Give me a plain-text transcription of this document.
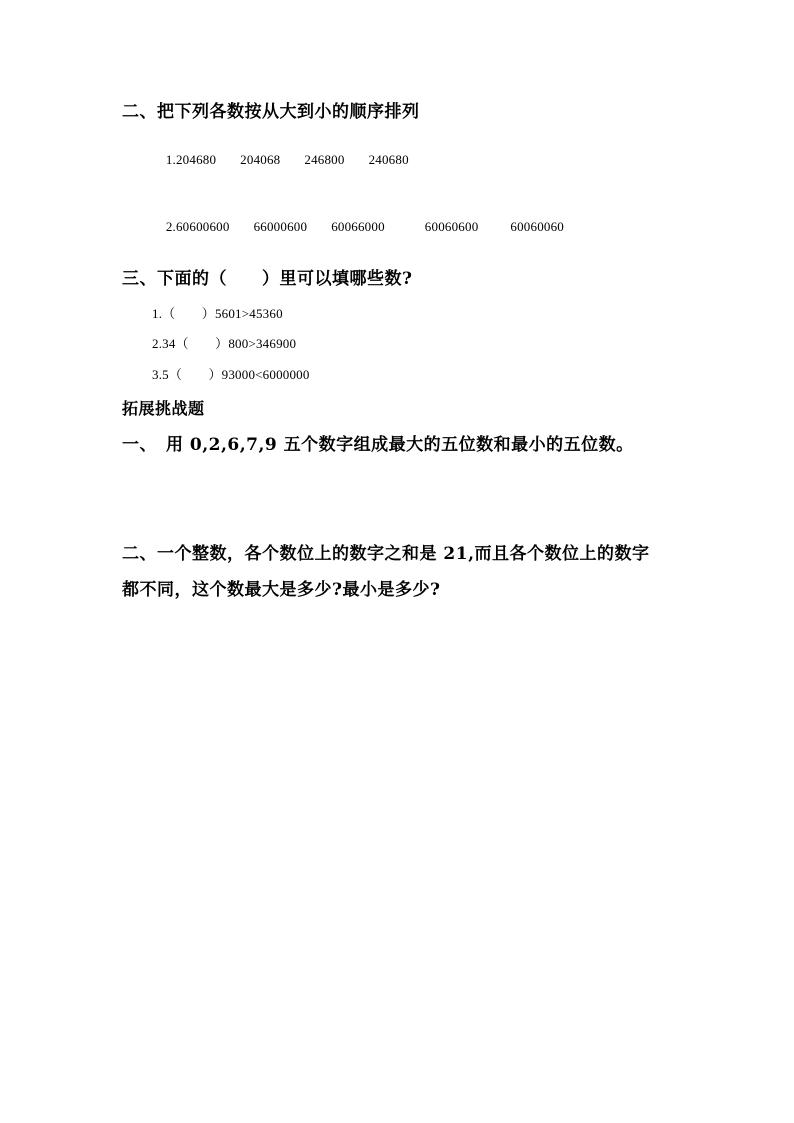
二、把下列各数按从大到小的顺序排列

1.204680 204068 246800 240680

2.60600600 66000600 60066000	60060600 60060060

三、下面的（　　）里可以填哪些数?
1.（　　）5601>45360
2.34（　　）800>346900
3.5（　　）93000<6000000
拓展挑战题
一、　用 0,2,6,7,9 五个数字组成最大的五位数和最小的五位数。
二、一个整数，各个数位上的数字之和是 21,而且各个数位上的数字
都不同，这个数最大是多少?最小是多少?
